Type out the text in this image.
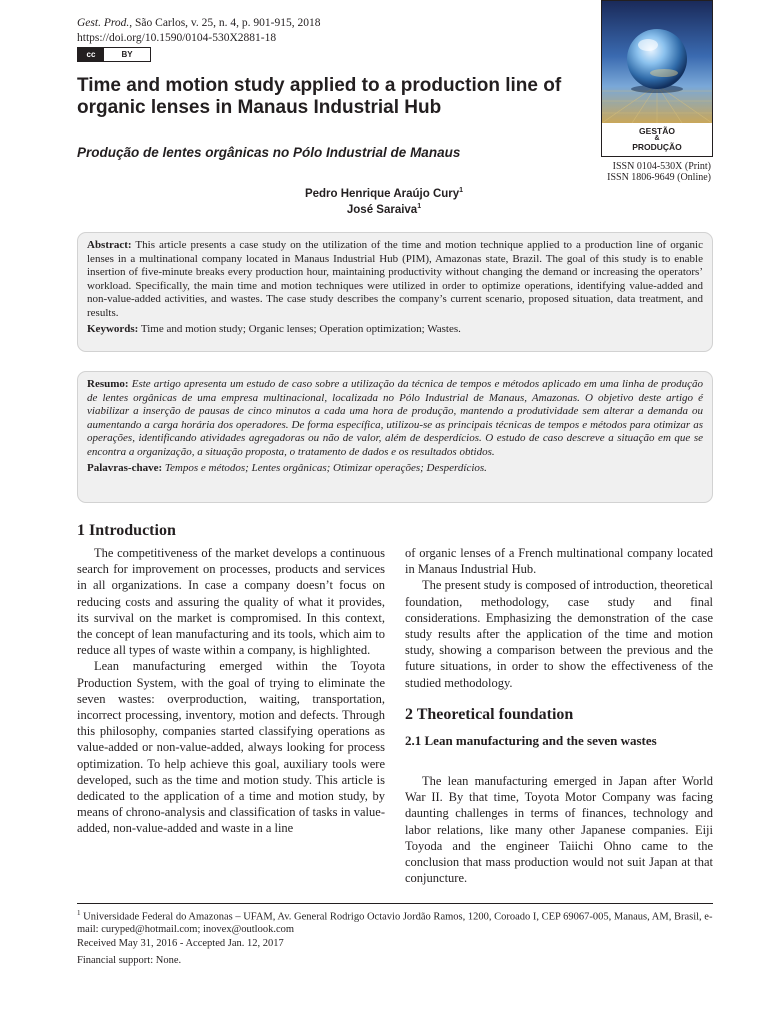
Gest. Prod., São Carlos, v. 25, n. 4, p. 901-915, 2018
https://doi.org/10.1590/0104-530X2881-18
cc	BY
GESTÃO
&
PRODUÇÃO
ISSN 0104-530X (Print)
ISSN 1806-9649 (Online)
Time and motion study applied to a production line of organic lenses in Manaus Industrial Hub
Produção de lentes orgânicas no Pólo Industrial de Manaus
Pedro Henrique Araújo Cury$^1$
José Saraiva$^1$
Abstract: This article presents a case study on the utilization of the time and motion technique applied to a production line of organic lenses in a multinational company located in Manaus Industrial Hub (PIM), Amazonas state, Brazil. The goal of this study is to enable insertion of five-minute breaks every production hour, maintaining productivity without changing the demand or increasing the operators’ workload. Specifically, the main time and motion techniques were utilized in order to optimize operations, identifying value-added and non-value-added activities, and wastes. The case study describes the company’s current scenario, proposed situation, data treatment, and results.
Keywords: Time and motion study; Organic lenses; Operation optimization; Wastes.
Resumo: Este artigo apresenta um estudo de caso sobre a utilização da técnica de tempos e métodos aplicado em uma linha de produção de lentes orgânicas de uma empresa multinacional, localizada no Pólo Industrial de Manaus, Amazonas. O objetivo deste artigo é viabilizar a inserção de pausas de cinco minutos a cada uma hora de produção, mantendo a produtividade sem alterar a demanda ou aumentando a carga horária dos operadores. De forma específica, utilizou-se as principais técnicas de tempos e métodos para otimizar as operações, identificando atividades agregadoras ou não de valor, além de desperdícios. O estudo de caso descreve a situação em que se encontra a organização, a situação proposta, o tratamento de dados e os resultados obtidos.
Palavras-chave: Tempos e métodos; Lentes orgânicas; Otimizar operações; Desperdícios.
1 Introduction

The competitiveness of the market develops a continuous search for improvement on processes, products and services in all organizations. In case a company doesn’t focus on reducing costs and assuring the quality of what it provides, its survival on the market is compromised. In this context, the concept of lean manufacturing and its tools, which aim to reduce all types of waste within a company, is highlighted.

Lean manufacturing emerged within the Toyota Production System, with the goal of trying to eliminate the seven wastes: overproduction, waiting, transportation, incorrect processing, inventory, motion and defects. Through this philosophy, companies started classifying operations as value-added or non-value-added, always looking for process optimization. To help achieve this goal, auxiliary tools were developed, such as the time and motion study. This article is dedicated to the application of a time and motion study, by means of chrono-analysis and classification of tasks in value-added, non-value-added and waste in a line

of organic lenses of a French multinational company located in Manaus Industrial Hub.

The present study is composed of introduction, theoretical foundation, methodology, case study and final considerations. Emphasizing the demonstration of the case study results after the application of the time and motion study, showing a comparison between the previous and the future situations, in order to show the effectiveness of the studied methodology.

2 Theoretical foundation
2.1 Lean manufacturing and the seven wastes

The lean manufacturing emerged in Japan after World War II. By that time, Toyota Motor Company was facing daunting challenges in terms of finances, technology and labor relations, like many other Japanese companies. Eiji Toyoda and the engineer Taiichi Ohno came to the conclusion that mass production would not suit Japan at that conjuncture.

$^1$ Universidade Federal do Amazonas – UFAM, Av. General Rodrigo Octavio Jordão Ramos, 1200, Coroado I, CEP 69067-005, Manaus, AM, Brasil, e-mail: curyped@hotmail.com; inovex@outlook.com
Received May 31, 2016 - Accepted Jan. 12, 2017
Financial support: None.
